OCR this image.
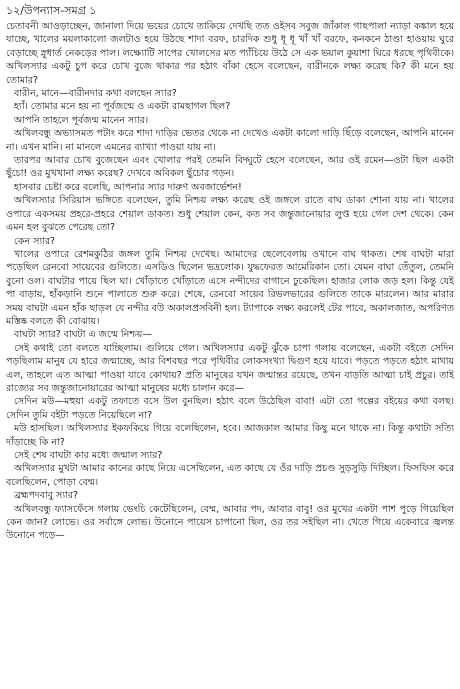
১২/উপন্যাস-সমগ্র ১

চেতাবনী আওড়াচ্ছেন, জানালা দিয়ে ভয়ের চোখে তাকিয়ে দেখছি তত ওইসব সবুজ জাঁকাল গাছপালা ন্যাড়া কঙ্কাল হয়ে যাচ্ছে, খালের ময়লাকালো জলটাও হয়ে উঠছে শাদা বরফ, চারদিক শুধু ধূ ধূ খাঁ খাঁ বরফে, কনকনে ঠাণ্ডা হাওয়ায় ঘুরে বেড়াচ্ছে স্নুধার্ত নেকড়ের পাল। লক্ষ্যোটি সাপের খোলসের মত প্যাঁচিয়ে উঠে সে এক ভয়াল কুয়াশা ঘিরে ধরছে পৃথিবীকে। অখিলস্যার একটু চুপ করে চোখ বুজে থাকার পর হঠাৎ বাঁকা হেসে বলেছেন, বারীনকে লক্ষ্য করেছ কি? কী মনে হয় তোমার?

বারীন, মানে—বারীনদার কথা বলছেন স্যার?

হ্যাঁ। তোমার মনে হয় না পূর্বজন্মে ও একটা রামছাগল ছিল?

আপনি তাহলে পূর্বজন্ম মানেন স্যার।

অখিলবন্ধু অভ্যাসমত পটাং করে শাদা দাড়ির ভেতর থেকে না দেখেও একটা কালো দাড়ি ছিঁড়ে বলেছেন, আপনি মানেন না। এখন মানি। না মানলে এমনের ব্যাখ্যা পাওয়া যায় না।

তারপর আবার চোখ বুজেছেন এবং খোলার পরই তেমনি বিদ্ঘুটে হেসে বলেছেন, আর ওই রমেন—ওটা ছিল একটা ছুঁচো! ওর মুখখানা লক্ষ্য করেছ? দেখবে অবিকল ছুঁচোর গড়ন।

হাসবার চেষ্টা করে বলেছি, আপনার স্যার দারুণ অবজার্ভেশন!

অখিলস্যার সিরিয়াস ভঙ্গিতে বলেছেন, তুমি নিশ্চয় লক্ষ্য করেছ ওই জঙ্গলে রাতে বাঘ ডাকা শোনা যায় না। খালের ওপারে একসময় প্রহরে-প্রহরে শেয়াল ডাকত। শুধু শেয়াল কেন, কত সব জন্তুজানোয়ার লুপ্ত হয়ে গেল দেশ থেকে। কেন এমন হল বুঝতে পেরেছ তো?

কেন স্যার?

খালের ওপারে রেশমকুঠির জঙ্গল তুমি নিশ্চয় দেখেছ। আমাদের ছেলেবেলায় ওখানে বাঘ থাকত। শেষ বাঘটা মারা পড়েছিল রেনবো সায়েবের গুলিতে। এসডিও ছিলেন ভদ্রলোক। যুদ্ধফেরত আমেরিকান তো। যেমন বাঘা তেঁতুল, তেমনি বুনো ওল। বাঘটার পায়ে ছিল ঘা। খোঁড়াতে খোঁড়াতে এসে নন্দীদের বাগানে ঢুকেছিল। হাজার লোক জড় হল। কিন্তু যেই পা বাড়ায়, হাঁকড়ানি শুনে পালাতে শুরু করে। শেষে, রেনবো সায়েব রিভলভারের গুলিতে তাকে মারলেন। আর মারার সময় বাঘটা এমন হাঁক ছাড়ল যে নন্দীর বউ অকালপ্রসবিনী হল। ট্যাপাকে লক্ষ্য করলেই টের পাবে, অকালজাত, অপরিণত মস্তিষ্ক বলতে কী বোঝায়।

বাঘটা স্যার? বাঘটা এ জন্মে নিশ্চয়—

সেই কথাই তো বলতে যাচ্ছিলাম। গুলিয়ে গেল। অখিলস্যার একটু ঝুঁকে চাপা গলায় বলেছেন, একটা বইতে সেদিন পড়ছিলাম মানুষ যে হারে জন্মাচ্ছে, আর বিশবছর পরে পৃথিবীর লোকসংখ্যা দ্বিগুণ হয়ে যাবে। পড়তে পড়তে হঠাৎ মাথায় এল, তাহলে এত আত্মা পাওয়া যাবে কোথায়? প্রতি মানুষের যখন জন্মান্তর রয়েছে, তখন বাড়তি আত্মা চাই প্রচুর। তাই রাজ্যের সব জন্তুজানোয়ারের আত্মা মানুষের মধ্যে চালান করে—

সেদিন মউ—মহুয়া একটু তফাতে বসে উল বুনছিল। হঠাৎ বলে উঠেছিল বাবা! এটা তো গল্পের বইয়ের কথা বলছ। সেদিন তুমি বইটা পড়তে নিয়েছিলে না?

মউ হাসছিল। অখিলস্যার ইকফকিয়ে গিয়ে বলেছিলেন, হবে। আজকাল আমার কিছু মনে থাকে না। কিন্তু কথাটা সত্যি দাঁড়াচ্ছে কি না?

সেই শেষ বাঘটা কার মধ্যে জন্মাল স্যার?

অখিলস্যার মুখটা আমার কানের কাছে নিয়ে এসেছিলেন, এত কাছে যে ওঁর দাড়ি প্রচণ্ড সুড়সুড়ি দিচ্ছিল। ফিসফিস করে বলেছিলেন, পোড়া বেম্ম।

ব্রহ্মপদবাবু স্যার?

অখিলবন্ধু ফ্যাসফেঁসে গলায় ভেংচি কেটেছিলেন, বেম্ম, আবার পদ, আবার বাবু! ওর মুখের একটা পাশ পুড়ে গিয়েছিল কেন জান? লোভে। ওর সর্বাঙ্গে লোভ। উনোনে পায়েস চাপানো ছিল, ওর তর সইছিল না। খেতে গিয়ে একেবারে জ্বলন্ত উনোনে পড়ে—
